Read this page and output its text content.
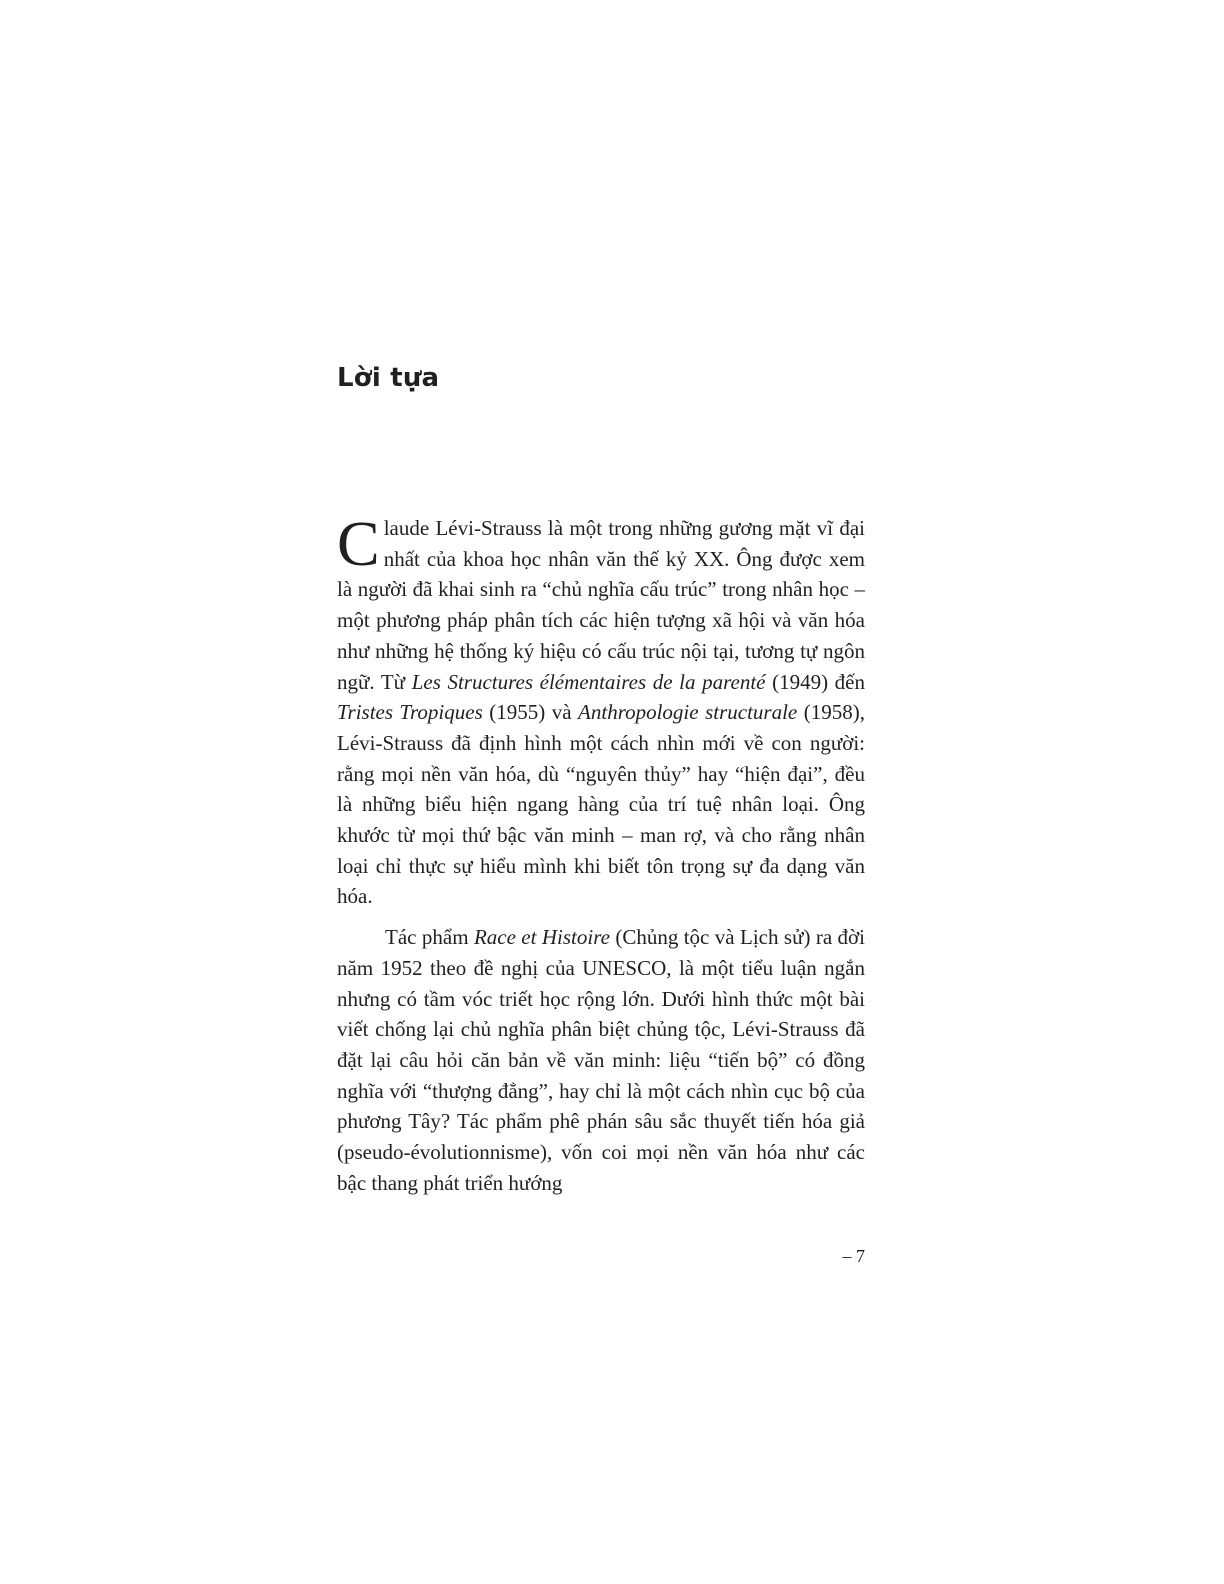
Lời tựa

Claude Lévi-Strauss là một trong những gương mặt vĩ đại nhất của khoa học nhân văn thế kỷ XX. Ông được xem là người đã khai sinh ra “chủ nghĩa cấu trúc” trong nhân học – một phương pháp phân tích các hiện tượng xã hội và văn hóa như những hệ thống ký hiệu có cấu trúc nội tại, tương tự ngôn ngữ. Từ Les Structures élémentaires de la parenté (1949) đến Tristes Tropiques (1955) và Anthropologie structurale (1958), Lévi-Strauss đã định hình một cách nhìn mới về con người: rằng mọi nền văn hóa, dù “nguyên thủy” hay “hiện đại”, đều là những biểu hiện ngang hàng của trí tuệ nhân loại. Ông khước từ mọi thứ bậc văn minh – man rợ, và cho rằng nhân loại chỉ thực sự hiểu mình khi biết tôn trọng sự đa dạng văn hóa.

Tác phẩm Race et Histoire (Chủng tộc và Lịch sử) ra đời năm 1952 theo đề nghị của UNESCO, là một tiểu luận ngắn nhưng có tầm vóc triết học rộng lớn. Dưới hình thức một bài viết chống lại chủ nghĩa phân biệt chủng tộc, Lévi-Strauss đã đặt lại câu hỏi căn bản về văn minh: liệu “tiến bộ” có đồng nghĩa với “thượng đẳng”, hay chỉ là một cách nhìn cục bộ của phương Tây? Tác phẩm phê phán sâu sắc thuyết tiến hóa giả (pseudo-évolutionnisme), vốn coi mọi nền văn hóa như các bậc thang phát triển hướng

– 7
